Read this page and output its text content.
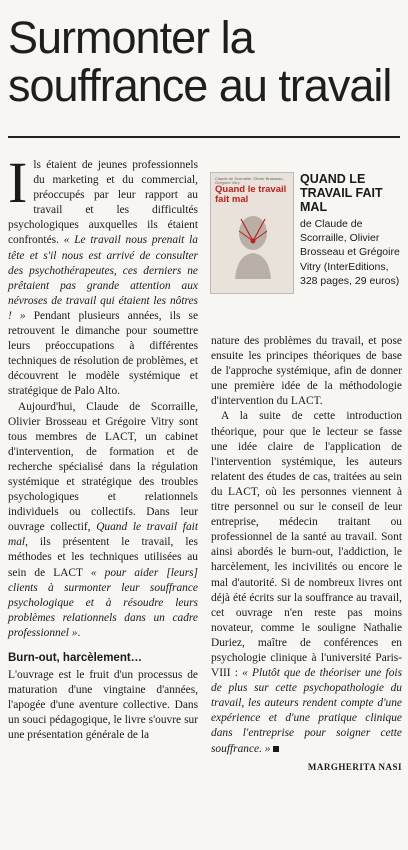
Surmonter la souffrance au travail

Ils étaient de jeunes professionnels du marketing et du commercial, préoccupés par leur rapport au travail et les difficultés psychologiques auxquelles ils étaient confrontés. « Le travail nous prenait la tête et s'il nous est arrivé de consulter des psychothérapeutes, ces derniers ne prêtaient pas grande attention aux névroses de travail qui étaient les nôtres ! » Pendant plusieurs années, ils se retrouvent le dimanche pour soumettre leurs préoccupations à différentes techniques de résolution de problèmes, et découvrent le modèle systémique et stratégique de Palo Alto.

Aujourd'hui, Claude de Scorraille, Olivier Brosseau et Grégoire Vitry sont tous membres de LACT, un cabinet d'intervention, de formation et de recherche spécialisé dans la régulation systémique et stratégique des troubles psychologiques et relationnels individuels ou collectifs. Dans leur ouvrage collectif, Quand le travail fait mal, ils présentent le travail, les méthodes et les techniques utilisées au sein de LACT « pour aider [leurs] clients à surmonter leur souffrance psychologique et à résoudre leurs problèmes relationnels dans un cadre professionnel ».

Burn-out, harcèlement…

L'ouvrage est le fruit d'un processus de maturation d'une vingtaine d'années, l'apogée d'une aventure collective. Dans un souci pédagogique, le livre s'ouvre sur une présentation générale de la

Claude de Scorraille, Olivier Brosseau, Grégoire Vitry
Quand le travail fait mal
QUAND LE TRAVAIL FAIT MAL
de Claude de Scorraille, Olivier Brosseau et Grégoire Vitry (InterEditions, 328 pages, 29 euros)

nature des problèmes du travail, et pose ensuite les principes théoriques de base de l'approche systémique, afin de donner une première idée de la méthodologie d'intervention du LACT.

A la suite de cette introduction théorique, pour que le lecteur se fasse une idée claire de l'application de l'intervention systémique, les auteurs relatent des études de cas, traitées au sein du LACT, où les personnes viennent à titre personnel ou sur le conseil de leur entreprise, médecin traitant ou professionnel de la santé au travail. Sont ainsi abordés le burn-out, l'addiction, le harcèlement, les incivilités ou encore le mal d'autorité. Si de nombreux livres ont déjà été écrits sur la souffrance au travail, cet ouvrage n'en reste pas moins novateur, comme le souligne Nathalie Duriez, maître de conférences en psychologie clinique à l'université Paris-VIII : « Plutôt que de théoriser une fois de plus sur cette psychopathologie du travail, les auteurs rendent compte d'une expérience et d'une pratique clinique dans l'entreprise pour soigner cette souffrance. »

MARGHERITA NASI
